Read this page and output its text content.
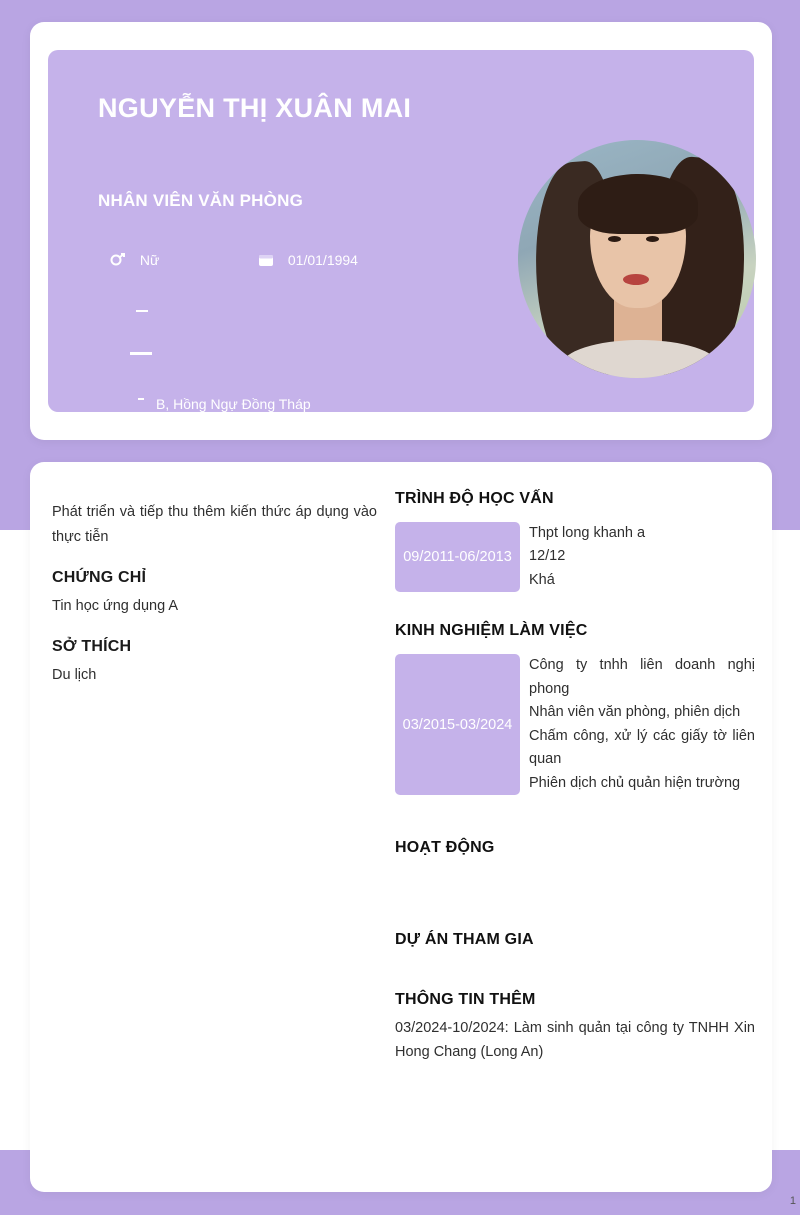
NGUYỄN THỊ XUÂN MAI
NHÂN VIÊN VĂN PHÒNG
Nữ	01/01/1994
B, Hồng Ngự Đồng Tháp
Phát triển và tiếp thu thêm kiến thức áp dụng vào thực tiễn
CHỨNG CHỈ
Tin học ứng dụng A
SỞ THÍCH
Du lịch
TRÌNH ĐỘ HỌC VẤN
09/2011-06/2013
Thpt long khanh a
12/12
Khá
KINH NGHIỆM LÀM VIỆC
03/2015-03/2024
Công ty tnhh liên doanh nghị phong
Nhân viên văn phòng, phiên dịch
Chấm công, xử lý các giấy tờ liên quan
Phiên dịch chủ quản hiện trường
HOẠT ĐỘNG
DỰ ÁN THAM GIA
THÔNG TIN THÊM
03/2024-10/2024: Làm sinh quản tại công ty TNHH Xin Hong Chang (Long An)
1
